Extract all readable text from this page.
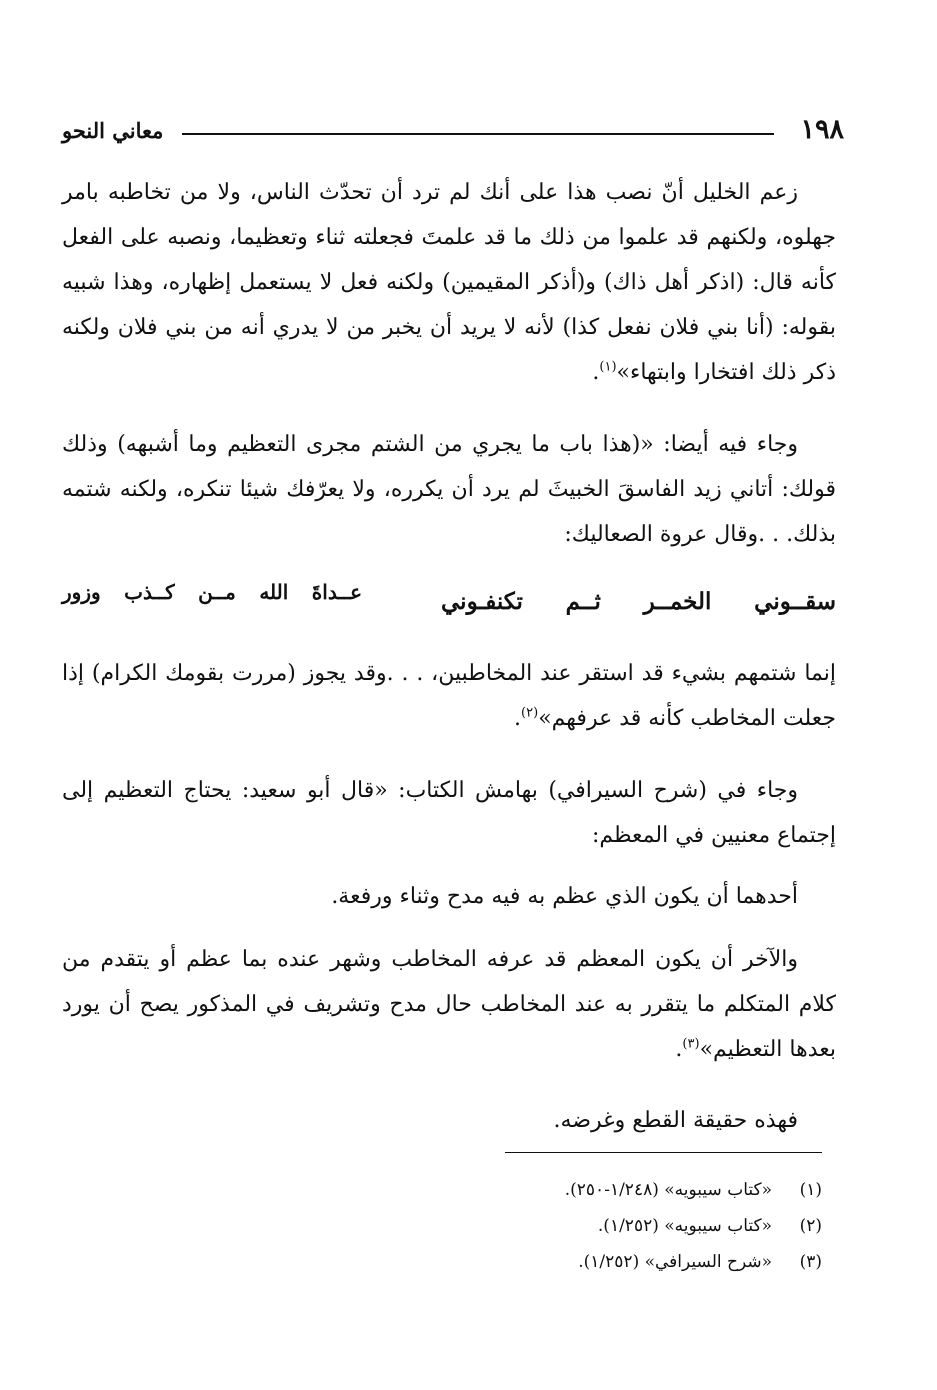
١٩٨
معاني النحو

زعم الخليل أنّ نصب هذا على أنك لم ترد أن تحدّث الناس، ولا من تخاطبه بامر جهلوه، ولكنهم قد علموا من ذلك ما قد علمتَ فجعلته ثناء وتعظيما، ونصبه على الفعل كأنه قال: (اذكر أهل ذاك) و(أذكر المقيمين) ولكنه فعل لا يستعمل إظهاره، وهذا شبيه بقوله: (أنا بني فلان نفعل كذا) لأنه لا يريد أن يخبر من لا يدري أنه من بني فلان ولكنه ذكر ذلك افتخارا وابتهاء»$^{(١)}$.

وجاء فيه أيضا: «(هذا باب ما يجري من الشتم مجرى التعظيم وما أشبهه) وذلك قولك: أتاني زيد الفاسقَ الخبيثَ لم يرد أن يكرره، ولا يعرّفك شيئا تنكره، ولكنه شتمه بذلك. . .وقال عروة الصعاليك:

سقــوني الخمــر ثــم تكنفـوني
عــداةَ الله مــن كــذب وزور

إنما شتمهم بشيء قد استقر عند المخاطبين، . . .وقد يجوز (مررت بقومك الكرام) إذا جعلت المخاطب كأنه قد عرفهم»$^{(٢)}$.

وجاء في (شرح السيرافي) بهامش الكتاب: «قال أبو سعيد: يحتاج التعظيم إلى إجتماع معنيين في المعظم:

أحدهما أن يكون الذي عظم به فيه مدح وثناء ورفعة.

والآخر أن يكون المعظم قد عرفه المخاطب وشهر عنده بما عظم أو يتقدم من كلام المتكلم ما يتقرر به عند المخاطب حال مدح وتشريف في المذكور يصح أن يورد بعدها التعظيم»$^{(٣)}$.

فهذه حقيقة القطع وغرضه.

(١)«كتاب سيبويه» (١/٢٤٨-٢٥٠).
(٢)«كتاب سيبويه» (١/٢٥٢).
(٣)«شرح السيرافي» (١/٢٥٢).
